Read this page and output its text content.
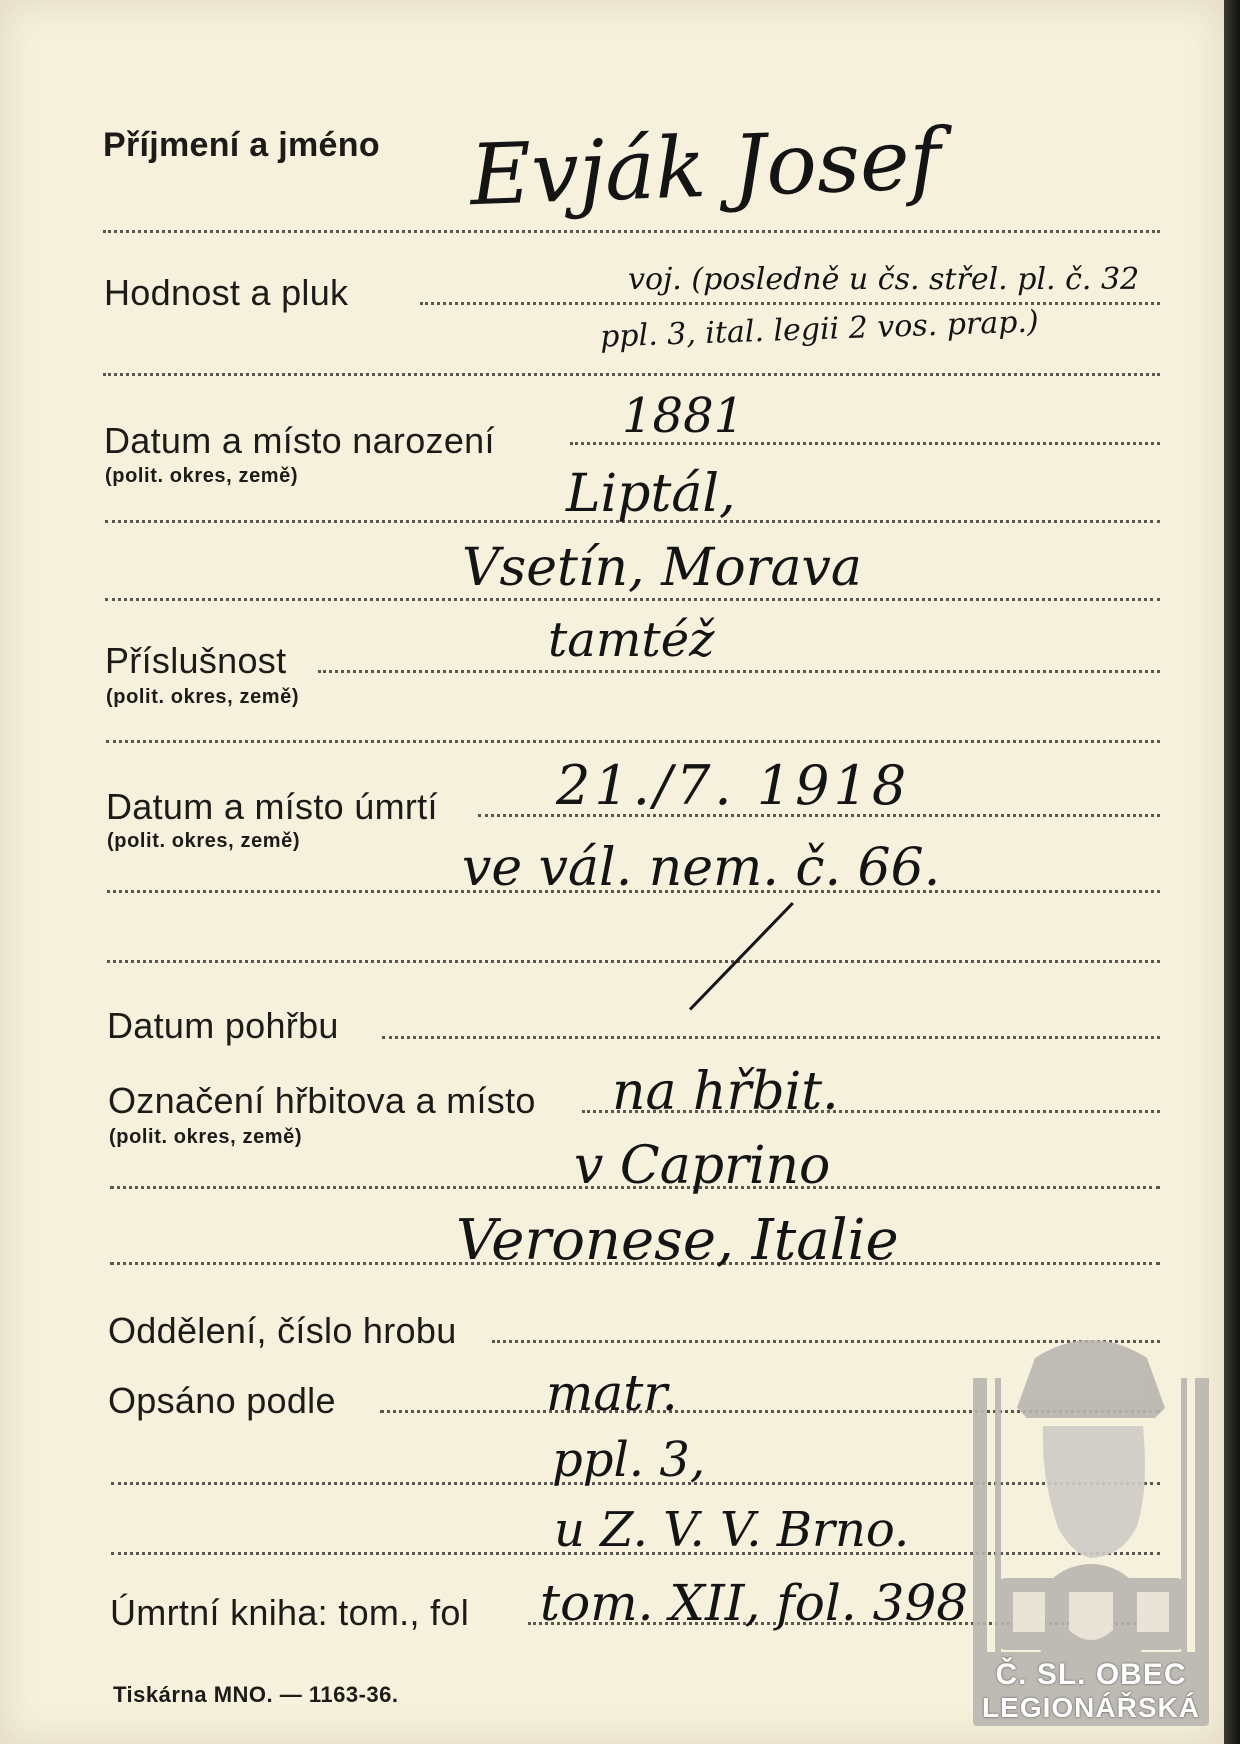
Příjmení a jméno
Hodnost a pluk
Datum a místo narození
(polit. okres, země)
Příslušnost
(polit. okres, země)
Datum a místo úmrtí
(polit. okres, země)
Datum pohřbu
Označení hřbitova a místo
(polit. okres, země)
Oddělení, číslo hrobu
Opsáno podle
Úmrtní kniha: tom., fol
Tiskárna MNO. — 1163-36.
Evják Josef
voj. (posledně u čs. střel. pl. č. 32
ppl. 3, ital. legii 2 vos. prap.)
1881
Liptál,
Vsetín, Morava
tamtéž
21./7. 1918
ve vál. nem. č. 66.
na hřbit.
v Caprino
Veronese, Italie
matr.
ppl. 3,
u Z. V. V. Brno.
tom. XII, fol. 398
Č. SL. OBEC
LEGIONÁŘSKÁ
